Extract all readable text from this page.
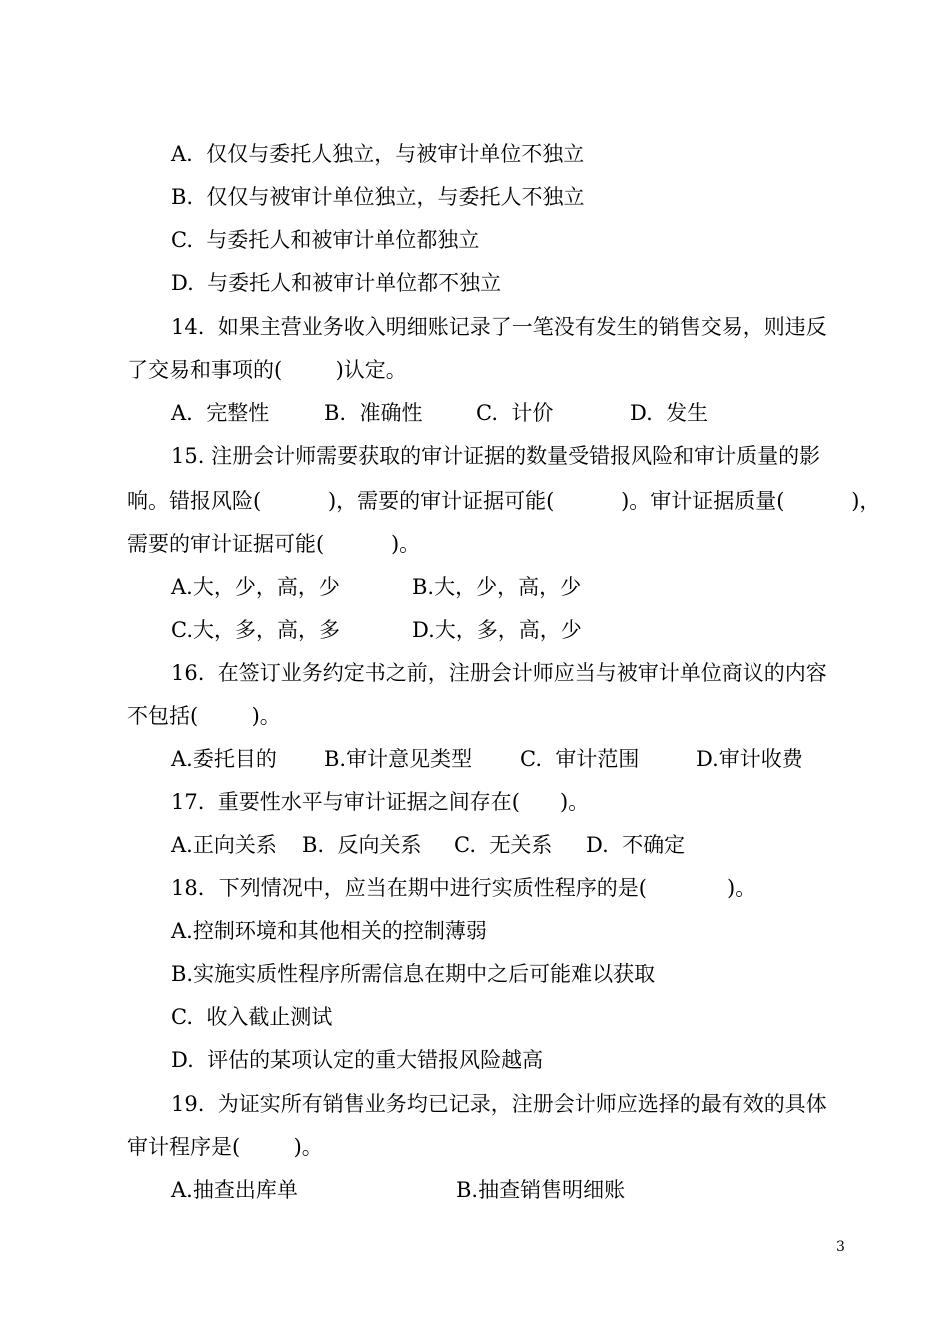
A.  仅仅与委托人独立，与被审计单位不独立
B.  仅仅与被审计单位独立，与委托人不独立
C.  与委托人和被审计单位都独立
D.  与委托人和被审计单位都不独立
14.  如果主营业务收入明细账记录了一笔没有发生的销售交易，则违反
了交易和事项的(        )认定。

A.  完整性

	B.  准确性

	C.  计价

	D.  发生

15. 注册会计师需要获取的审计证据的数量受错报风险和审计质量的影
响。错报风险(          )，需要的审计证据可能(          )。审计证据质量(          )，
需要的审计证据可能(          )。

A.大，少，高，少

	B.大，少，高，少

C.大，多，高，多

	D.大，多，高，少

16.  在签订业务约定书之前，注册会计师应当与被审计单位商议的内容
不包括(        )。

A.委托目的

B.审计意见类型

C.  审计范围

	D.审计收费

17.  重要性水平与审计证据之间存在(      )。

A.正向关系

B.  反向关系

C.  无关系

D.  不确定

18．下列情况中，应当在期中进行实质性程序的是(            )。
A.控制环境和其他相关的控制薄弱
B.实施实质性程序所需信息在期中之后可能难以获取
C.  收入截止测试
D.  评估的某项认定的重大错报风险越高
19.  为证实所有销售业务均已记录，注册会计师应选择的最有效的具体
审计程序是(        )。

A.抽查出库单

	B.抽查销售明细账

3
